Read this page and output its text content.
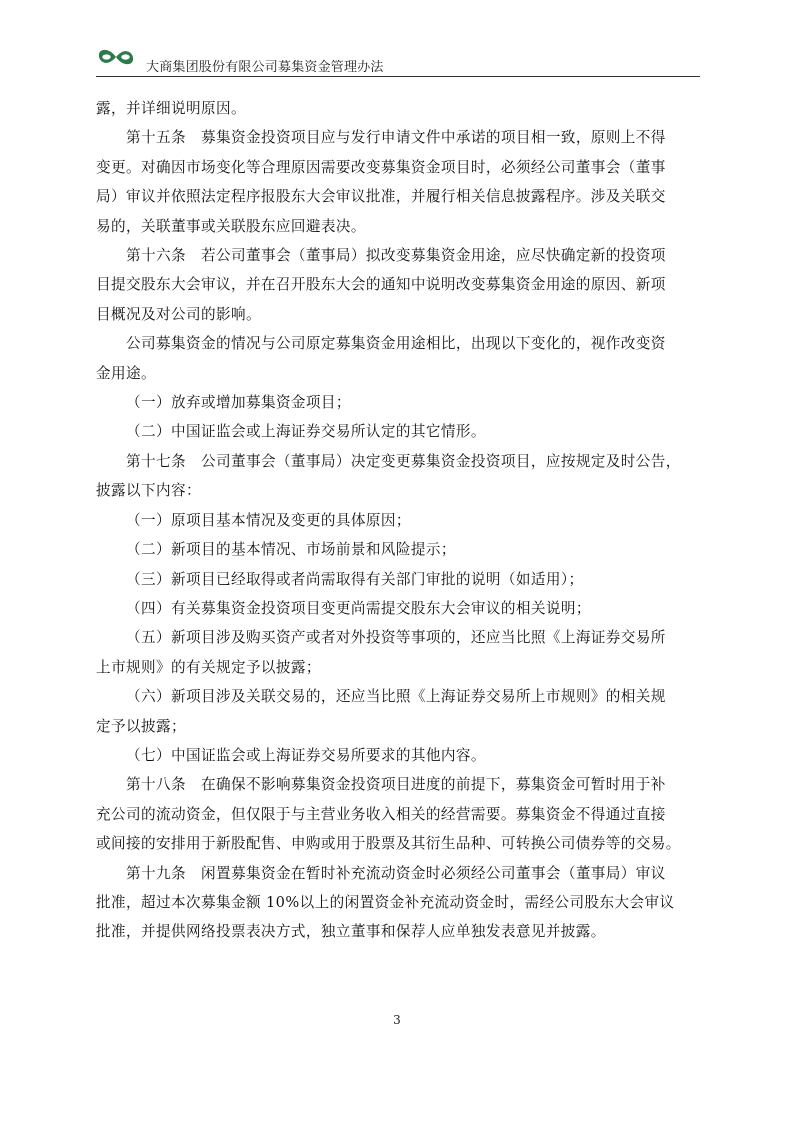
大商集团股份有限公司募集资金管理办法

露，并详细说明原因。

第十五条　募集资金投资项目应与发行申请文件中承诺的项目相一致，原则上不得
变更。对确因市场变化等合理原因需要改变募集资金项目时，必须经公司董事会（董事
局）审议并依照法定程序报股东大会审议批准，并履行相关信息披露程序。涉及关联交
易的，关联董事或关联股东应回避表决。

第十六条　若公司董事会（董事局）拟改变募集资金用途，应尽快确定新的投资项
目提交股东大会审议，并在召开股东大会的通知中说明改变募集资金用途的原因、新项
目概况及对公司的影响。

公司募集资金的情况与公司原定募集资金用途相比，出现以下变化的，视作改变资
金用途。

（一）放弃或增加募集资金项目；

（二）中国证监会或上海证券交易所认定的其它情形。

第十七条　公司董事会（董事局）决定变更募集资金投资项目，应按规定及时公告，
披露以下内容：

（一）原项目基本情况及变更的具体原因；

（二）新项目的基本情况、市场前景和风险提示；

（三）新项目已经取得或者尚需取得有关部门审批的说明（如适用）；

（四）有关募集资金投资项目变更尚需提交股东大会审议的相关说明；

（五）新项目涉及购买资产或者对外投资等事项的，还应当比照《上海证券交易所
上市规则》的有关规定予以披露；

（六）新项目涉及关联交易的，还应当比照《上海证券交易所上市规则》的相关规
定予以披露；

（七）中国证监会或上海证券交易所要求的其他内容。

第十八条　在确保不影响募集资金投资项目进度的前提下，募集资金可暂时用于补
充公司的流动资金，但仅限于与主营业务收入相关的经营需要。募集资金不得通过直接
或间接的安排用于新股配售、申购或用于股票及其衍生品种、可转换公司债券等的交易。

第十九条　闲置募集资金在暂时补充流动资金时必须经公司董事会（董事局）审议
批准，超过本次募集金额 10%以上的闲置资金补充流动资金时，需经公司股东大会审议
批准，并提供网络投票表决方式，独立董事和保荐人应单独发表意见并披露。

3
